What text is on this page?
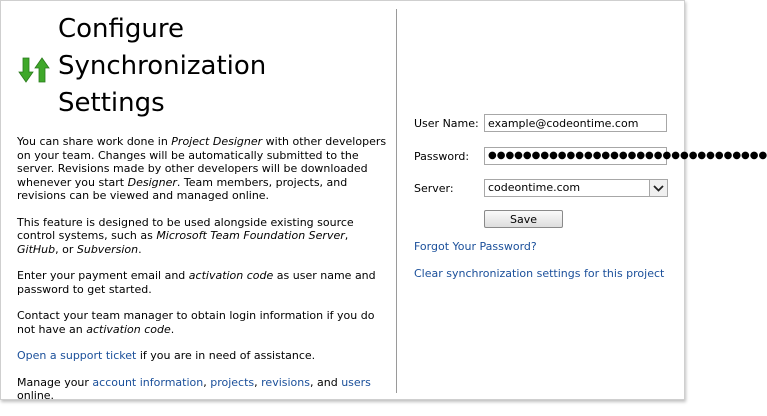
Configure
Synchronization
Settings

You can share work done in Project Designer with other developers on your team. Changes will be automatically submitted to the server. Revisions made by other developers will be downloaded whenever you start Designer. Team members, projects, and revisions can be viewed and managed online.

This feature is designed to be used alongside existing source control systems, such as Microsoft Team Foundation Server, GitHub, or Subversion.

Enter your payment email and activation code as user name and password to get started.

Contact your team manager to obtain login information if you do not have an activation code.

Open a support ticket if you are in need of assistance.

Manage your account information, projects, revisions, and users online.

User Name:
example@codeontime.com
Password:	●●●●●●●●●●●●●●●●●●●●●●●●●●●●●●●●
Server:	codeontime.com
Save
Forgot Your Password?
Clear synchronization settings for this project
